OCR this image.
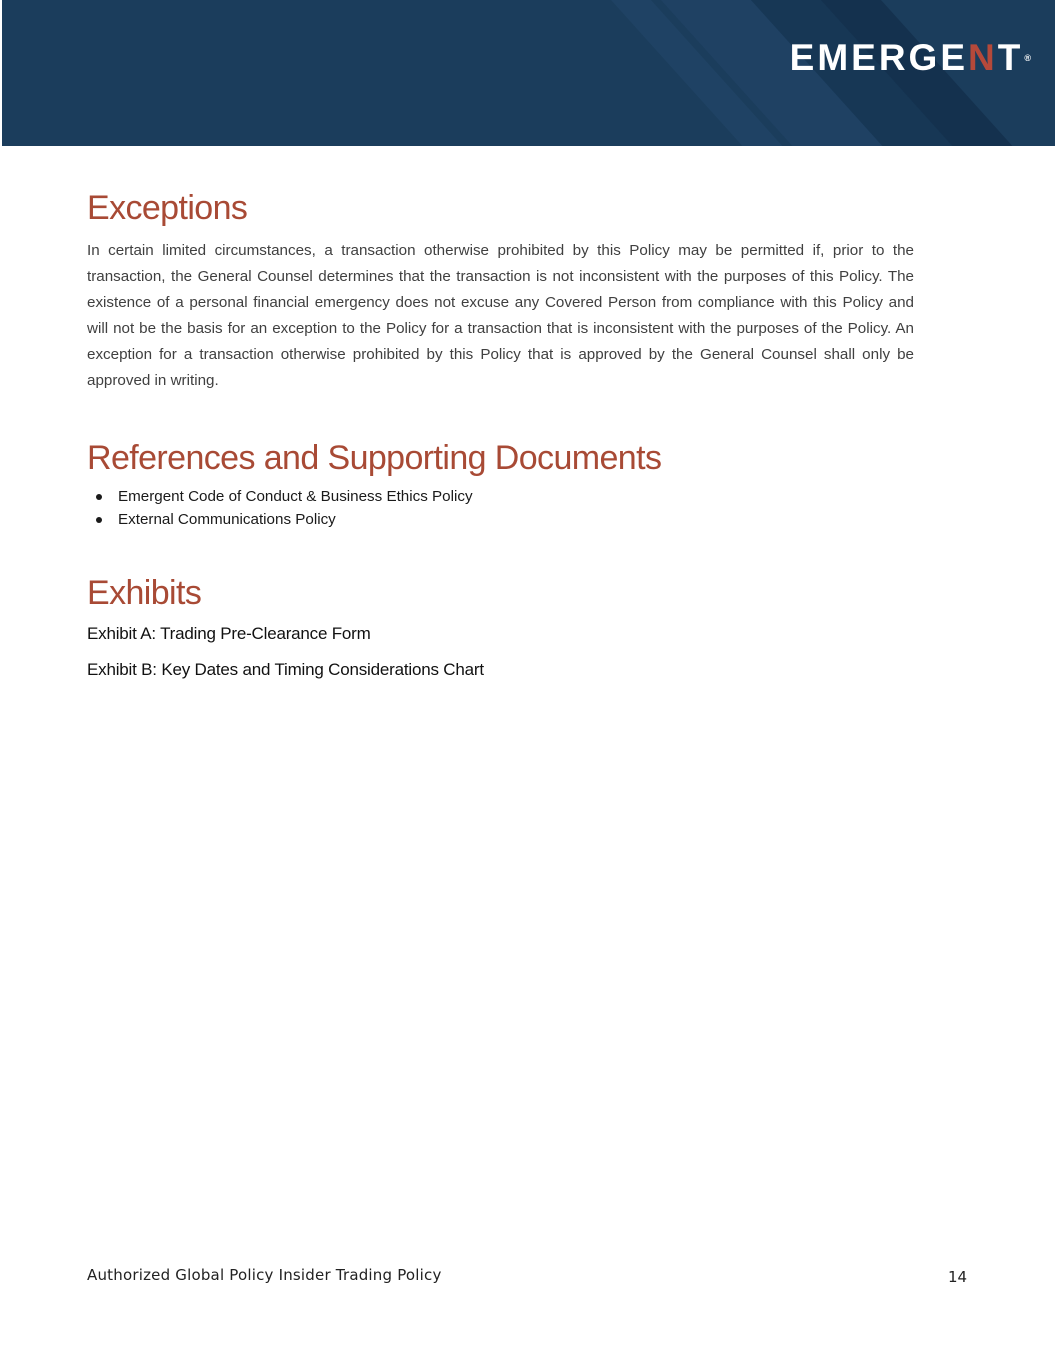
EMERGENT®
Exceptions

In certain limited circumstances, a transaction otherwise prohibited by this Policy may be permitted if, prior to the transaction, the General Counsel determines that the transaction is not inconsistent with the purposes of this Policy. The existence of a personal financial emergency does not excuse any Covered Person from compliance with this Policy and will not be the basis for an exception to the Policy for a transaction that is inconsistent with the purposes of the Policy. An exception for a transaction otherwise prohibited by this Policy that is approved by the General Counsel shall only be approved in writing.

References and Supporting Documents
Emergent Code of Conduct & Business Ethics Policy
External Communications Policy
Exhibits

Exhibit A: Trading Pre-Clearance Form

Exhibit B: Key Dates and Timing Considerations Chart

Authorized Global Policy Insider Trading Policy	14
